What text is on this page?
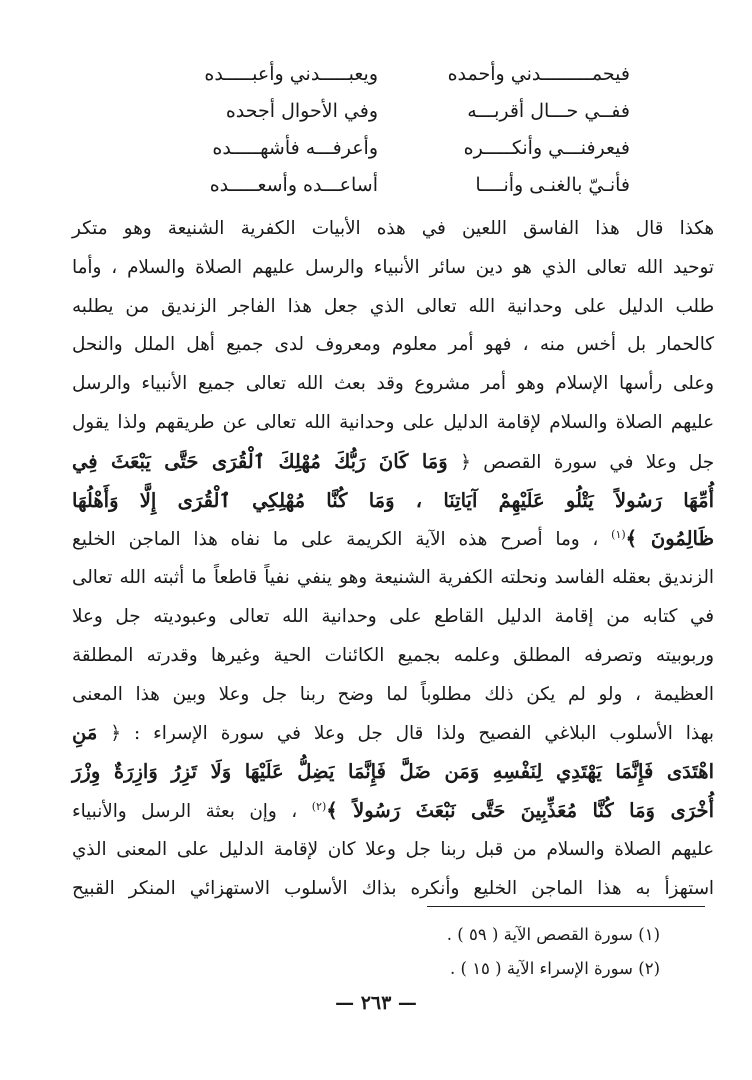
فيحمـــــــــدني وأحمده
ويعبـــــدني وأعبـــــده
ففــي حـــال أقربـــه
وفي الأحوال أجحده
فيعرفنـــي وأنكـــــره
وأعرفـــه فأشهـــــده
فأنـيّ بالغنـى وأنــــا
أساعـــده وأسعـــــده
هكذا قال هذا الفاسق اللعين في هذه الأبيات الكفرية الشنيعة وهو متكر
توحيد الله تعالى الذي هو دين سائر الأنبياء والرسل عليهم الصلاة والسلام ، وأما
طلب الدليل على وحدانية الله تعالى الذي جعل هذا الفاجر الزنديق من يطلبه
كالحمار بل أخس منه ، فهو أمر معلوم ومعروف لدى جميع أهل الملل والنحل
وعلى رأسها الإسلام وهو أمر مشروع وقد بعث الله تعالى جميع الأنبياء والرسل
عليهم الصلاة والسلام لإقامة الدليل على وحدانية الله تعالى عن طريقهم ولذا يقول
جل وعلا في سورة القصص ﴿ وَمَا كَانَ رَبُّكَ مُهْلِكَ ٱلْقُرَى حَتَّى يَبْعَثَ فِي
أُمِّهَا رَسُولاً يَتْلُو عَلَيْهِمْ آيَاتِنَا ، وَمَا كُنَّا مُهْلِكِي ٱلْقُرَى إِلَّا وَأَهْلُهَا
ظَالِمُونَ ﴾$^{(١)}$ ، وما أصرح هذه الآية الكريمة على ما نفاه هذا الماجن الخليع
الزنديق بعقله الفاسد ونحلته الكفرية الشنيعة وهو ينفي نفياً قاطعاً ما أثبته الله تعالى
في كتابه من إقامة الدليل القاطع على وحدانية الله تعالى وعبوديته جل وعلا
وربوبيته وتصرفه المطلق وعلمه بجميع الكائنات الحية وغيرها وقدرته المطلقة
العظيمة ، ولو لم يكن ذلك مطلوباً لما وضح ربنا جل وعلا وبين هذا المعنى
بهذا الأسلوب البلاغي الفصيح ولذا قال جل وعلا في سورة الإسراء : ﴿ مَنِ
اهْتَدَى فَإِنَّمَا يَهْتَدِي لِنَفْسِهِ وَمَن ضَلَّ فَإِنَّمَا يَضِلُّ عَلَيْهَا وَلَا تَزِرُ وَازِرَةٌ وِزْرَ
أُخْرَى وَمَا كُنَّا مُعَذِّبِينَ حَتَّى نَبْعَثَ رَسُولاً ﴾$^{(٢)}$ ، وإن بعثة الرسل والأنبياء
عليهم الصلاة والسلام من قبل ربنا جل وعلا كان لإقامة الدليل على المعنى الذي
استهزأ به هذا الماجن الخليع وأنكره بذاك الأسلوب الاستهزائي المنكر القبيح
(١) سورة القصص الآية ( ٥٩ ) .
(٢) سورة الإسراء الآية ( ١٥ ) .
— ٢٦٣ —
